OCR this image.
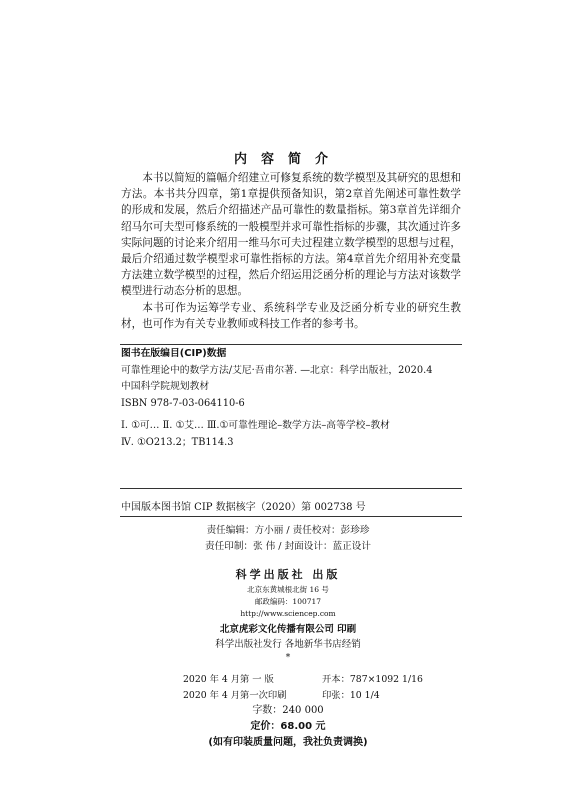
内容简介

本书以简短的篇幅介绍建立可修复系统的数学模型及其研究的思想和方法。本书共分四章，第1章提供预备知识，第2章首先阐述可靠性数学的形成和发展，然后介绍描述产品可靠性的数量指标。第3章首先详细介绍马尔可夫型可修系统的一般模型并求可靠性指标的步骤，其次通过许多实际问题的讨论来介绍用一维马尔可夫过程建立数学模型的思想与过程，最后介绍通过数学模型求可靠性指标的方法。第4章首先介绍用补充变量方法建立数学模型的过程，然后介绍运用泛函分析的理论与方法对该数学模型进行动态分析的思想。

本书可作为运筹学专业、系统科学专业及泛函分析专业的研究生教材，也可作为有关专业教师或科技工作者的参考书。

图书在版编目(CIP)数据
可靠性理论中的数学方法/艾尼·吾甫尔著. —北京：科学出版社，2020.4
中国科学院规划教材
ISBN 978-7-03-064110-6
Ⅰ. ①可… Ⅱ. ①艾… Ⅲ.①可靠性理论–数学方法–高等学校–教材
Ⅳ. ①O213.2；TB114.3
中国版本图书馆 CIP 数据核字（2020）第 002738 号
责任编辑：方小丽 / 责任校对：彭珍珍
责任印制：张 伟 / 封面设计：蓝正设计
科学出版社 出版
北京东黄城根北街 16 号
邮政编码：100717
http://www.sciencep.com
北京虎彩文化传播有限公司 印刷
科学出版社发行 各地新华书店经销
*
2020 年 4 月第 一 版	开本：787×1092 1/16
2020 年 4 月第一次印刷	印张：10 1/4
字数：240 000
定价：68.00 元
(如有印装质量问题，我社负责调换)
